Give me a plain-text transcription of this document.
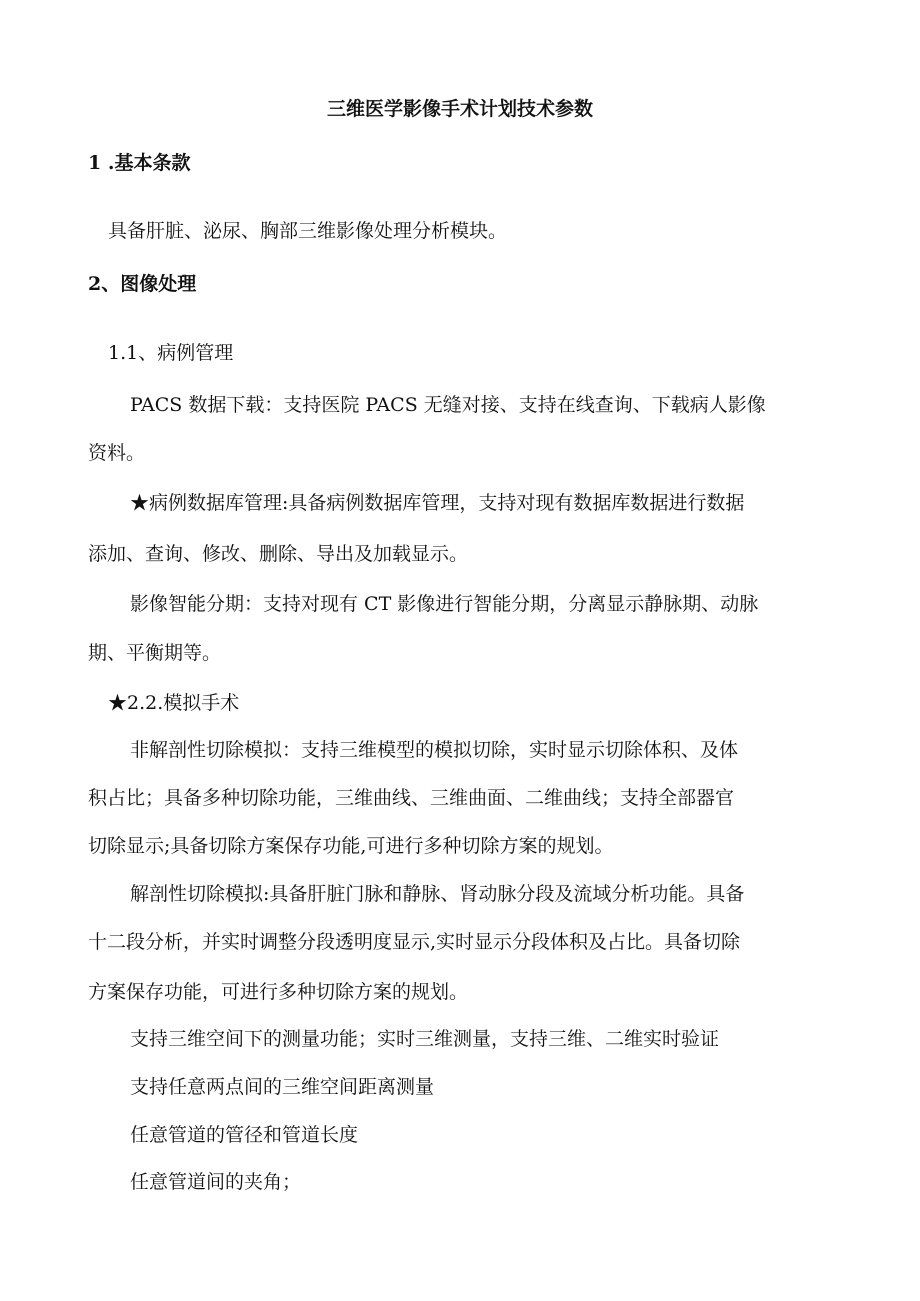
三维医学影像手术计划技术参数
1 .基本条款
具备肝脏、泌尿、胸部三维影像处理分析模块。
2、图像处理
1.1、病例管理
PACS 数据下载：支持医院 PACS 无缝对接、支持在线查询、下载病人影像
资料。
★病例数据库管理:具备病例数据库管理，支持对现有数据库数据进行数据
添加、查询、修改、删除、导出及加载显示。
影像智能分期：支持对现有 CT 影像进行智能分期，分离显示静脉期、动脉
期、平衡期等。
★2.2.模拟手术
非解剖性切除模拟：支持三维模型的模拟切除，实时显示切除体积、及体
积占比；具备多种切除功能，三维曲线、三维曲面、二维曲线；支持全部器官
切除显示;具备切除方案保存功能,可进行多种切除方案的规划。
解剖性切除模拟:具备肝脏门脉和静脉、肾动脉分段及流域分析功能。具备
十二段分析，并实时调整分段透明度显示,实时显示分段体积及占比。具备切除
方案保存功能，可进行多种切除方案的规划。
支持三维空间下的测量功能；实时三维测量，支持三维、二维实时验证
支持任意两点间的三维空间距离测量
任意管道的管径和管道长度
任意管道间的夹角；
